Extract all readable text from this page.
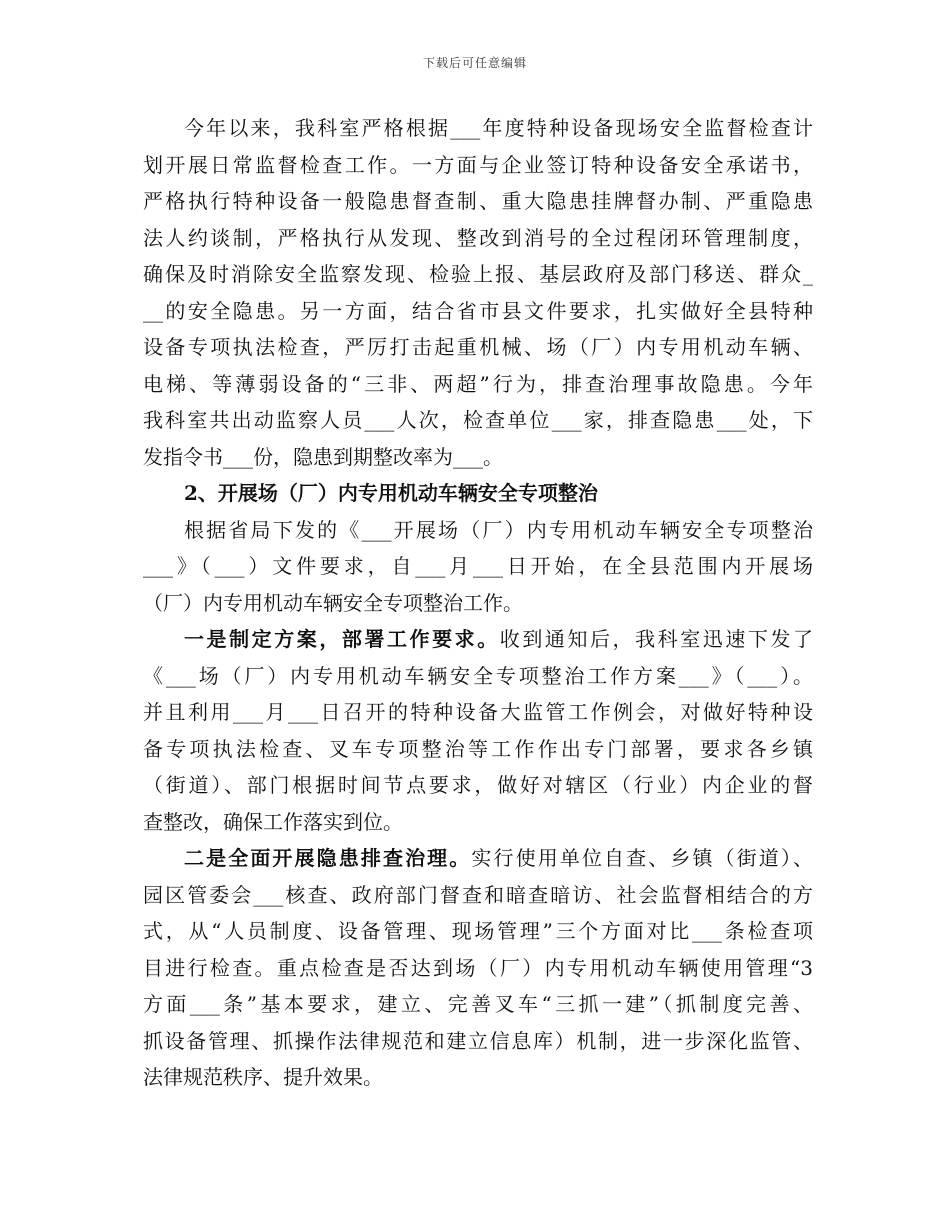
下载后可任意编辑
今年以来，我科室严格根据___年度特种设备现场安全监督检查计
划开展日常监督检查工作。一方面与企业签订特种设备安全承诺书，
严格执行特种设备一般隐患督查制、重大隐患挂牌督办制、严重隐患
法人约谈制，严格执行从发现、整改到消号的全过程闭环管理制度，
确保及时消除安全监察发现、检验上报、基层政府及部门移送、群众_
__的安全隐患。另一方面，结合省市县文件要求，扎实做好全县特种
设备专项执法检查，严厉打击起重机械、场（厂）内专用机动车辆、
电梯、等薄弱设备的“三非、两超”行为，排查治理事故隐患。今年
我科室共出动监察人员___人次，检查单位___家，排查隐患___处，下
发指令书___份，隐患到期整改率为___。
2、开展场（厂）内专用机动车辆安全专项整治
根据省局下发的《___开展场（厂）内专用机动车辆安全专项整治
___》（___）文件要求，自___月___日开始，在全县范围内开展场
（厂）内专用机动车辆安全专项整治工作。
一是制定方案，部署工作要求。收到通知后，我科室迅速下发了
《___场（厂）内专用机动车辆安全专项整治工作方案___》（___）。
并且利用___月___日召开的特种设备大监管工作例会，对做好特种设
备专项执法检查、叉车专项整治等工作作出专门部署，要求各乡镇
（街道）、部门根据时间节点要求，做好对辖区（行业）内企业的督
查整改，确保工作落实到位。
二是全面开展隐患排查治理。实行使用单位自查、乡镇（街道）、
园区管委会___核查、政府部门督查和暗查暗访、社会监督相结合的方
式，从“人员制度、设备管理、现场管理”三个方面对比___条检查项
目进行检查。重点检查是否达到场（厂）内专用机动车辆使用管理“3
方面___条”基本要求，建立、完善叉车“三抓一建”（抓制度完善、
抓设备管理、抓操作法律规范和建立信息库）机制，进一步深化监管、
法律规范秩序、提升效果。
